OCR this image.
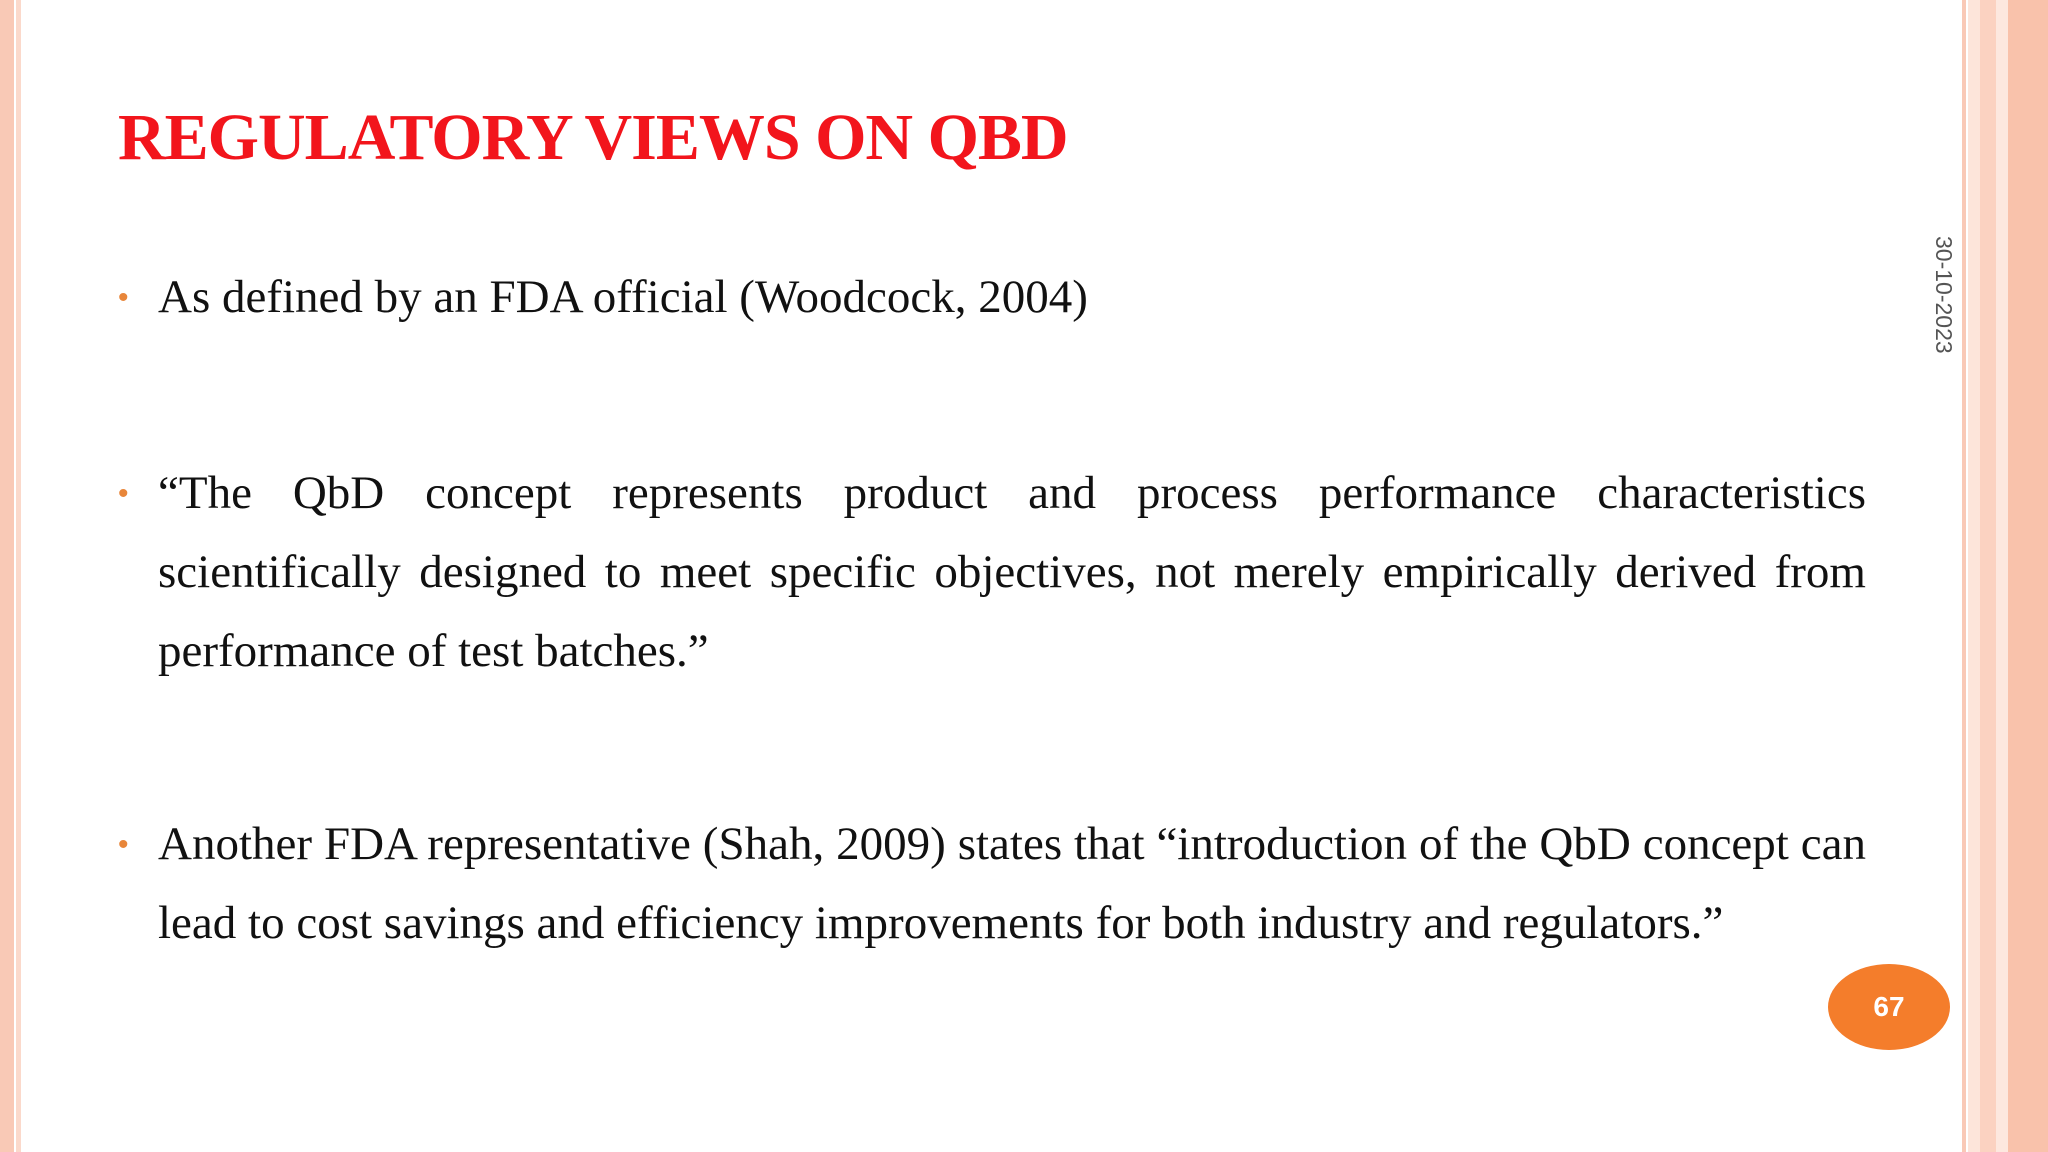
REGULATORY VIEWS ON QBD
30-10-2023
• As defined by an FDA official (Woodcock, 2004)
• “The QbD concept represents product and process performance characteristics scientifically designed to meet specific objectives, not merely empirically derived from performance of test batches.”
• Another FDA representative (Shah, 2009) states that “introduction of the QbD concept can lead to cost savings and efficiency improvements for both industry and regulators.”
67
